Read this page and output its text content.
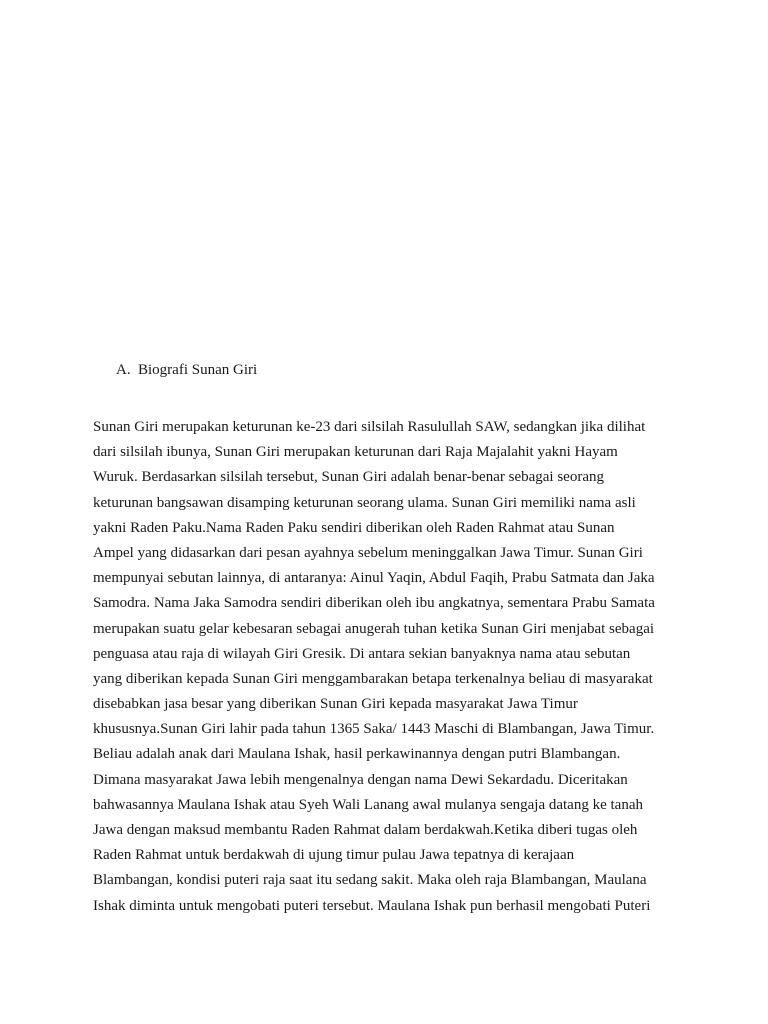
A. Biografi Sunan Giri
Sunan Giri merupakan keturunan ke-23 dari silsilah Rasulullah SAW, sedangkan jika dilihat
dari silsilah ibunya, Sunan Giri merupakan keturunan dari Raja Majalahit yakni Hayam
Wuruk. Berdasarkan silsilah tersebut, Sunan Giri adalah benar-benar sebagai seorang
keturunan bangsawan disamping keturunan seorang ulama. Sunan Giri memiliki nama asli
yakni Raden Paku.Nama Raden Paku sendiri diberikan oleh Raden Rahmat atau Sunan
Ampel yang didasarkan dari pesan ayahnya sebelum meninggalkan Jawa Timur. Sunan Giri
mempunyai sebutan lainnya, di antaranya: Ainul Yaqin, Abdul Faqih, Prabu Satmata dan Jaka
Samodra. Nama Jaka Samodra sendiri diberikan oleh ibu angkatnya, sementara Prabu Samata
merupakan suatu gelar kebesaran sebagai anugerah tuhan ketika Sunan Giri menjabat sebagai
penguasa atau raja di wilayah Giri Gresik. Di antara sekian banyaknya nama atau sebutan
yang diberikan kepada Sunan Giri menggambarakan betapa terkenalnya beliau di masyarakat
disebabkan jasa besar yang diberikan Sunan Giri kepada masyarakat Jawa Timur
khususnya.Sunan Giri lahir pada tahun 1365 Saka/ 1443 Maschi di Blambangan, Jawa Timur.
Beliau adalah anak dari Maulana Ishak, hasil perkawinannya dengan putri Blambangan.
Dimana masyarakat Jawa lebih mengenalnya dengan nama Dewi Sekardadu. Diceritakan
bahwasannya Maulana Ishak atau Syeh Wali Lanang awal mulanya sengaja datang ke tanah
Jawa dengan maksud membantu Raden Rahmat dalam berdakwah.Ketika diberi tugas oleh
Raden Rahmat untuk berdakwah di ujung timur pulau Jawa tepatnya di kerajaan
Blambangan, kondisi puteri raja saat itu sedang sakit. Maka oleh raja Blambangan, Maulana
Ishak diminta untuk mengobati puteri tersebut. Maulana Ishak pun berhasil mengobati Puteri
